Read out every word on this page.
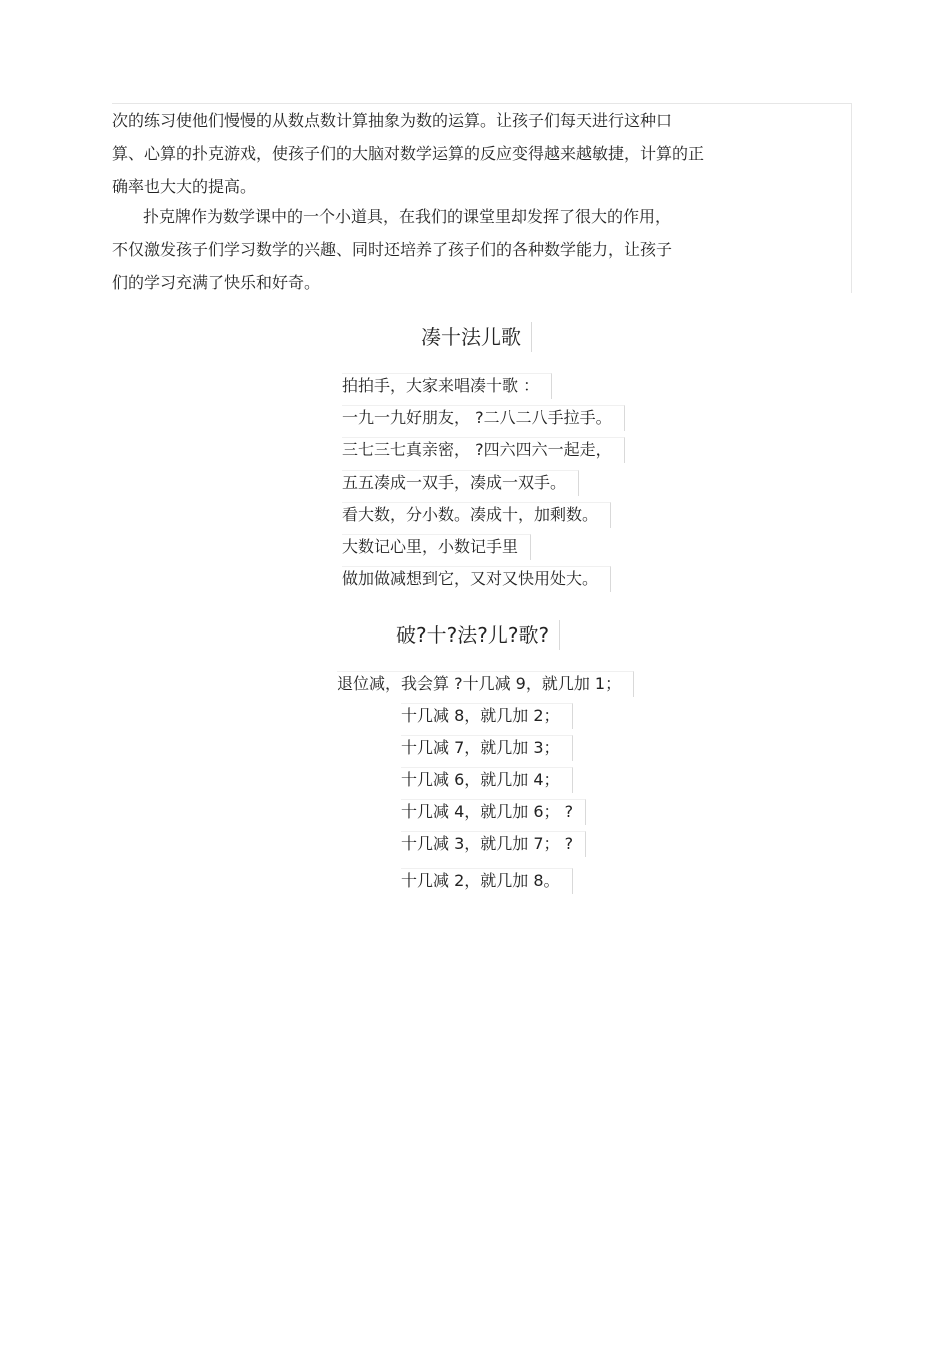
次的练习使他们慢慢的从数点数计算抽象为数的运算。让孩子们每天进行这种口
算、心算的扑克游戏，使孩子们的大脑对数学运算的反应变得越来越敏捷，计算的正
确率也大大的提高。

扑克牌作为数学课中的一个小道具，在我们的课堂里却发挥了很大的作用，
不仅激发孩子们学习数学的兴趣、同时还培养了孩子们的各种数学能力，让孩子
们的学习充满了快乐和好奇。

凑十法儿歌
拍拍手，大家来唱凑十歌 ：
一九一九好朋友， ?二八二八手拉手。
三七三七真亲密， ?四六四六一起走，
五五凑成一双手，凑成一双手。
看大数，分小数。凑成十，加剩数。
大数记心里，小数记手里
做加做减想到它，又对又快用处大。
破?十?法?儿?歌?
退位减，我会算 ?十几减 9，就几加 1；
十几减 8，就几加 2；
十几减 7，就几加 3；
十几减 6，就几加 4；
十几减 4，就几加 6； ?
十几减 3，就几加 7； ?
十几减 2，就几加 8。
